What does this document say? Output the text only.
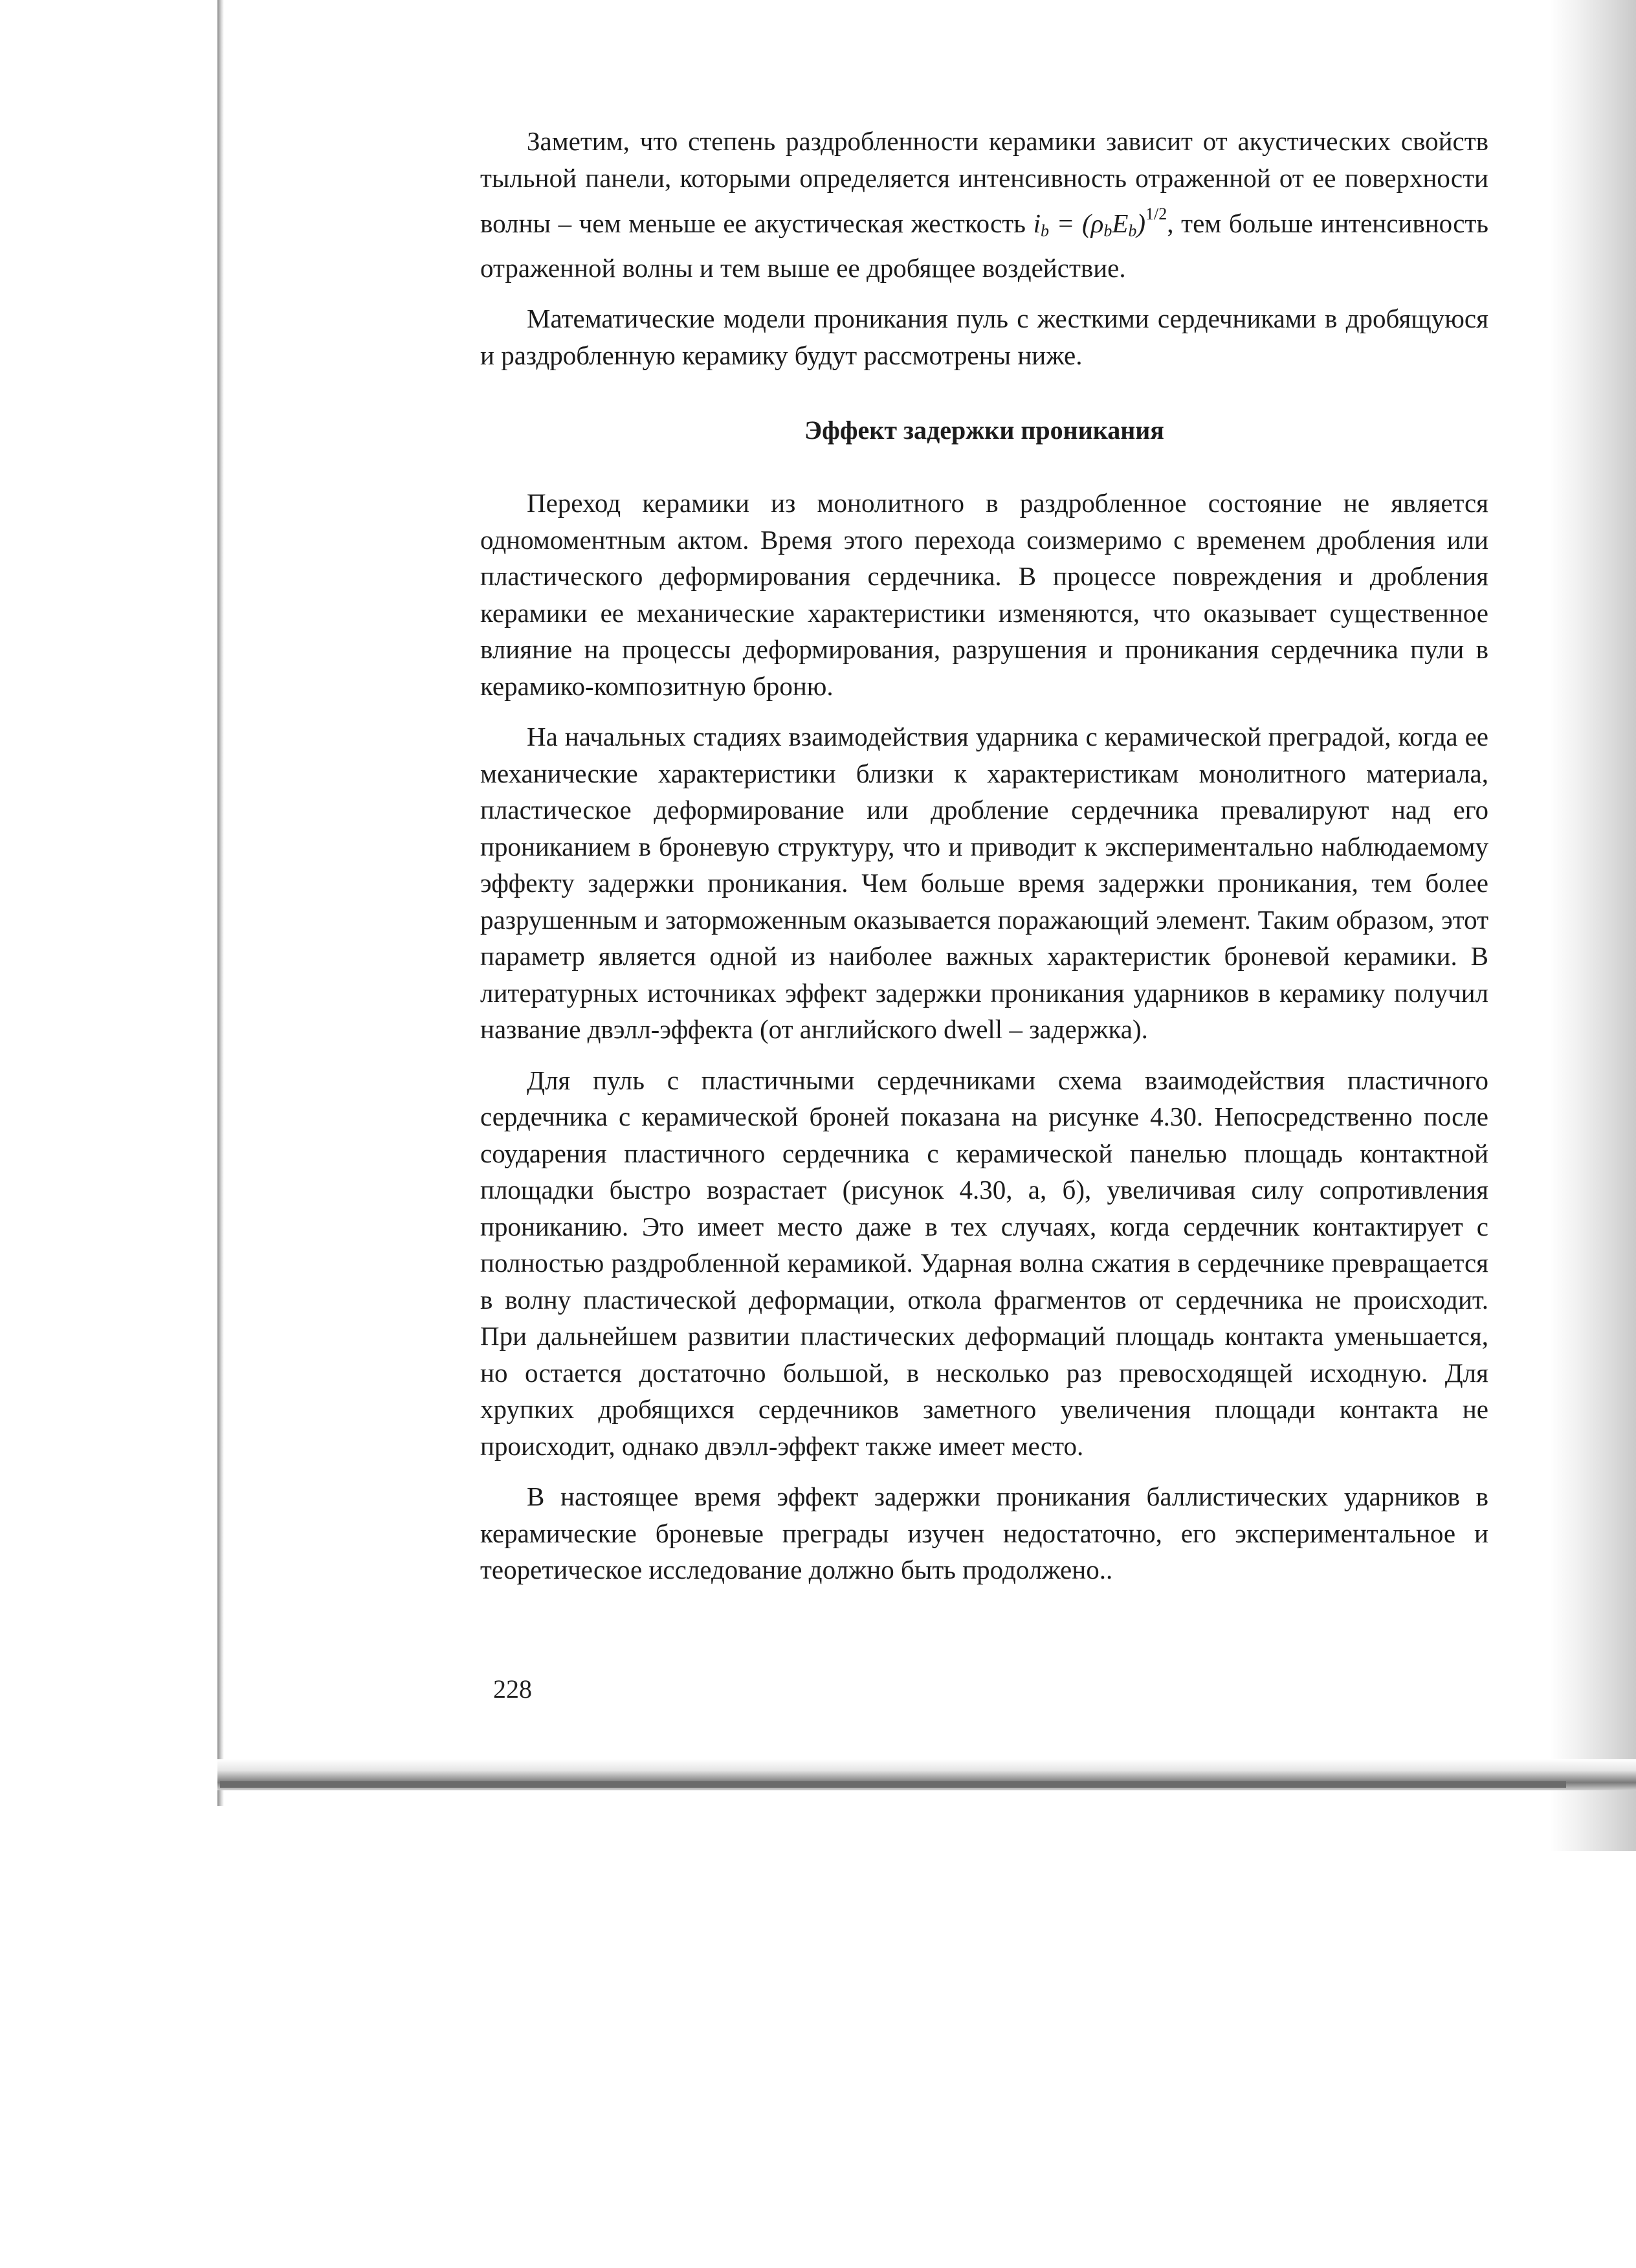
Заметим, что степень раздробленности керамики зависит от акустических свойств тыльной панели, которыми определяется интенсивность отраженной от ее поверхности волны – чем меньше ее акустическая жесткость $i_b = (\rho_bE_b)^{1/2}$, тем больше интенсивность отраженной волны и тем выше ее дробящее воздействие.

Математические модели проникания пуль с жесткими сердечниками в дробящуюся и раздробленную керамику будут рассмотрены ниже.

Эффект задержки проникания

Переход керамики из монолитного в раздробленное состояние не является одномоментным актом. Время этого перехода соизмеримо с временем дробления или пластического деформирования сердечника. В процессе повреждения и дробления керамики ее механические характеристики изменяются, что оказывает существенное влияние на процессы деформирования, разрушения и проникания сердечника пули в керамико-композитную броню.

На начальных стадиях взаимодействия ударника с керамической преградой, когда ее механические характеристики близки к характеристикам монолитного материала, пластическое деформирование или дробление сердечника превалируют над его прониканием в броневую структуру, что и приводит к экспериментально наблюдаемому эффекту задержки проникания. Чем больше время задержки проникания, тем более разрушенным и заторможенным оказывается поражающий элемент. Таким образом, этот параметр является одной из наиболее важных характеристик броневой керамики. В литературных источниках эффект задержки проникания ударников в керамику получил название двэлл-эффекта (от английского dwell – задержка).

Для пуль с пластичными сердечниками схема взаимодействия пластичного сердечника с керамической броней показана на рисунке 4.30. Непосредственно после соударения пластичного сердечника с керамической панелью площадь контактной площадки быстро возрастает (рисунок 4.30, а, б), увеличивая силу сопротивления прониканию. Это имеет место даже в тех случаях, когда сердечник контактирует с полностью раздробленной керамикой. Ударная волна сжатия в сердечнике превращается в волну пластической деформации, откола фрагментов от сердечника не происходит. При дальнейшем развитии пластических деформаций площадь контакта уменьшается, но остается достаточно большой, в несколько раз превосходящей исходную. Для хрупких дробящихся сердечников заметного увеличения площади контакта не происходит, однако двэлл-эффект также имеет место.

В настоящее время эффект задержки проникания баллистических ударников в керамические броневые преграды изучен недостаточно, его экспериментальное и теоретическое исследование должно быть продолжено..

228
